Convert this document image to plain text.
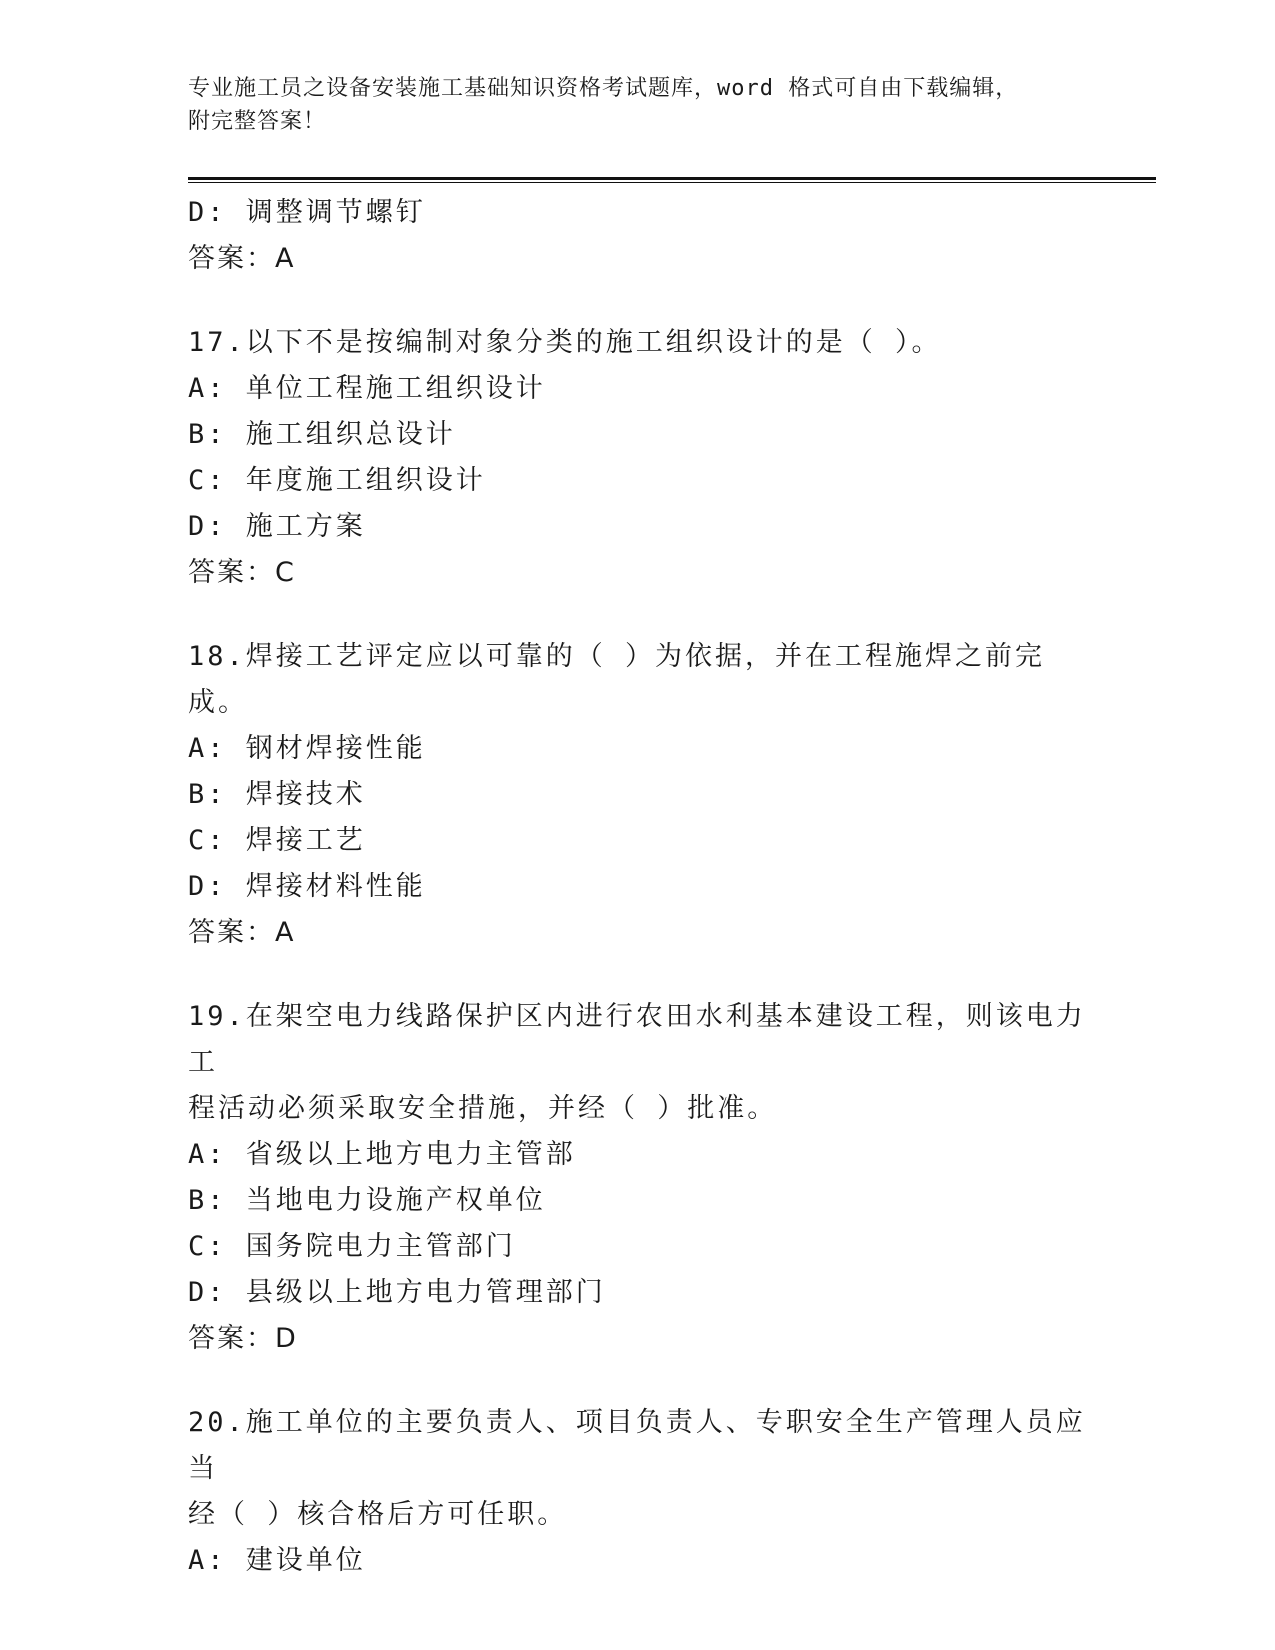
专业施工员之设备安装施工基础知识资格考试题库，word 格式可自由下载编辑，
附完整答案！
D: 调整调节螺钉
答案：A
17.以下不是按编制对象分类的施工组织设计的是（ ）。
A: 单位工程施工组织设计
B: 施工组织总设计
C: 年度施工组织设计
D: 施工方案
答案：C
18.焊接工艺评定应以可靠的（ ）为依据，并在工程施焊之前完成。
A: 钢材焊接性能
B: 焊接技术
C: 焊接工艺
D: 焊接材料性能
答案：A
19.在架空电力线路保护区内进行农田水利基本建设工程，则该电力工
程活动必须采取安全措施，并经（ ）批准。
A: 省级以上地方电力主管部
B: 当地电力设施产权单位
C: 国务院电力主管部门
D: 县级以上地方电力管理部门
答案：D
20.施工单位的主要负责人、项目负责人、专职安全生产管理人员应当
经（ ）核合格后方可任职。
A: 建设单位
